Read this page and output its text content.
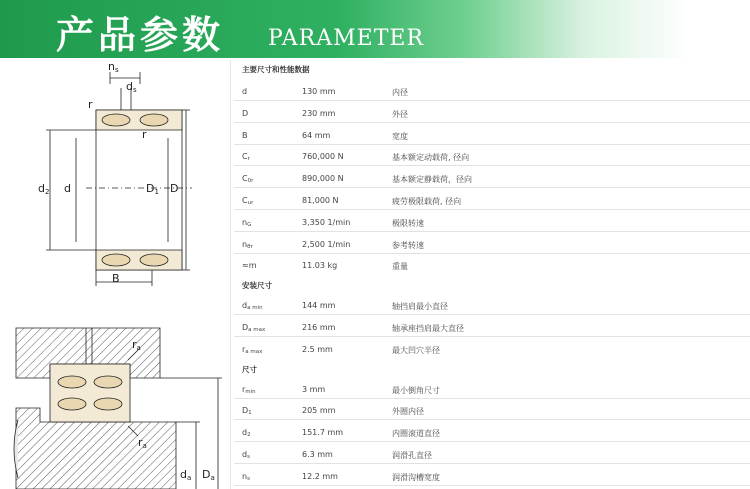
产品参数 PARAMETER
ns
ds
r
r
d2 d	D1 D
B
ra
ra
da Da
主要尺寸和性能数据
d	130 mm	内径
D	230 mm	外径
B	64 mm	宽度
$C_r$	760,000 N	基本额定动载荷, 径向
$C_{0r}$	890,000 N	基本额定静载荷，径向
$C_{ur}$	81,000 N	疲劳极限载荷, 径向
$n_G$	3,350 1/min	极限转速
$n_{\theta r}$	2,500 1/min	参考转速
≈m	11.03 kg	重量
安装尺寸
$d_{a min}$	144 mm	轴挡肩最小直径
$D_{a max}$	216 mm	轴承座挡肩最大直径
$r_{a max}$	2.5 mm	最大凹穴半径
尺寸
$r_{min}$	3 mm	最小倒角尺寸
$D_1$	205 mm	外圈内径
$d_2$	151.7 mm	内圈滚道直径
$d_s$	6.3 mm	润滑孔直径
$n_s$	12.2 mm	润滑沟槽宽度
